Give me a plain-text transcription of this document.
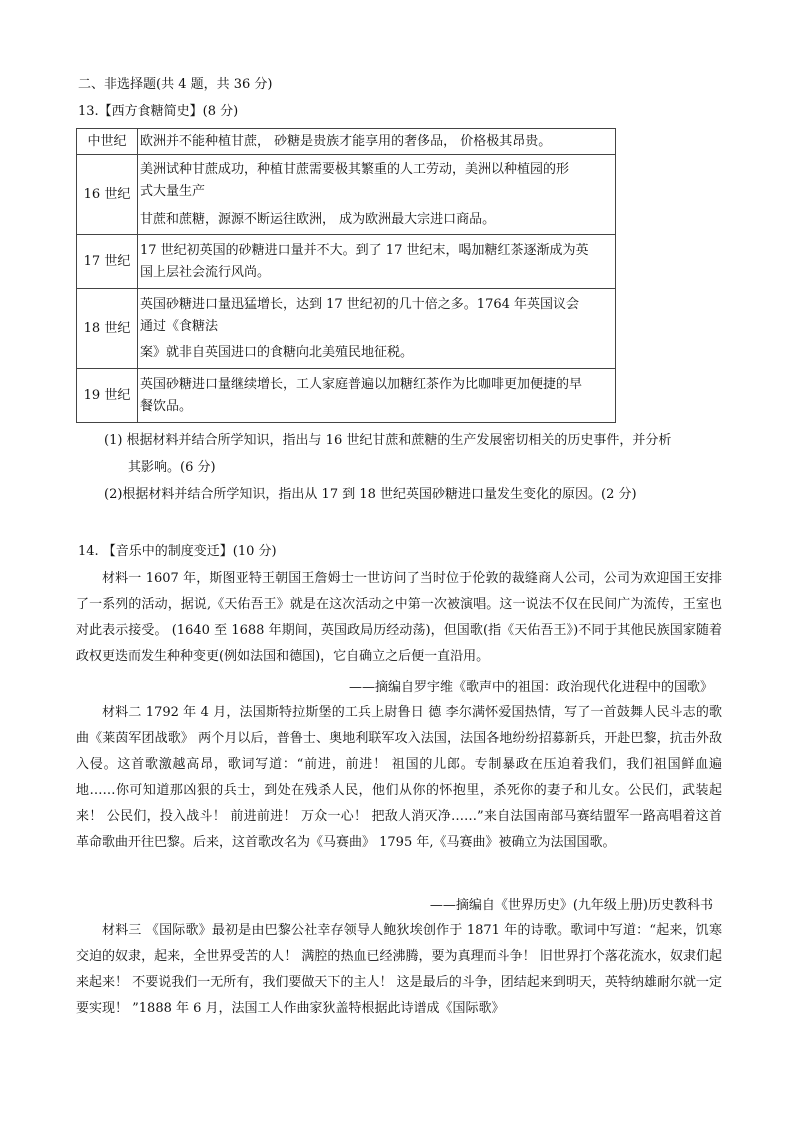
二、非选择题(共 4 题，共 36 分)
13.【西方食糖简史】(8 分)
中世纪	欧洲并不能种植甘蔗， 砂糖是贵族才能享用的奢侈品， 价格极其昂贵。

16 世纪	美洲试种甘蔗成功，种植甘蔗需要极其繁重的人工劳动，美洲以种植园的形
式大量生产
甘蔗和蔗糖，源源不断运往欧洲， 成为欧洲最大宗进口商品。

17 世纪	17 世纪初英国的砂糖进口量并不大。到了 17 世纪末，喝加糖红茶逐渐成为英
国上层社会流行风尚。

18 世纪	英国砂糖进口量迅猛增长，达到 17 世纪初的几十倍之多。1764 年英国议会
通过《食糖法
案》就非自英国进口的食糖向北美殖民地征税。

19 世纪	英国砂糖进口量继续增长，工人家庭普遍以加糖红茶作为比咖啡更加便捷的早
餐饮品。
(1) 根据材料并结合所学知识，指出与 16 世纪甘蔗和蔗糖的生产发展密切相关的历史事件，并分析
其影响。(6 分)
(2)根据材料并结合所学知识，指出从 17 到 18 世纪英国砂糖进口量发生变化的原因。(2 分)
14. 【音乐中的制度变迁】(10 分)
材料一 1607 年，斯图亚特王朝国王詹姆士一世访问了当时位于伦敦的裁缝商人公司，公司为欢迎国王安排了一系列的活动，据说,《天佑吾王》就是在这次活动之中第一次被演唱。这一说法不仅在民间广为流传，王室也对此表示接受。 (1640 至 1688 年期间，英国政局历经动荡)，但国歌(指《天佑吾王》)不同于其他民族国家随着政权更迭而发生种种变更(例如法国和德国)，它自确立之后便一直沿用。
——摘编自罗宇维《歌声中的祖国：政治现代化进程中的国歌》
材料二 1792 年 4 月，法国斯特拉斯堡的工兵上尉鲁日 德 李尔满怀爱国热情，写了一首鼓舞人民斗志的歌曲《莱茵军团战歌》 两个月以后，普鲁士、奥地利联军攻入法国，法国各地纷纷招募新兵，开赴巴黎，抗击外敌入侵。这首歌激越高昂，歌词写道：“前进，前进！ 祖国的儿郎。专制暴政在压迫着我们，我们祖国鲜血遍地……你可知道那凶狠的兵士，到处在残杀人民，他们从你的怀抱里，杀死你的妻子和儿女。公民们，武装起来！ 公民们，投入战斗！ 前进前进！ 万众一心！ 把敌人消灭净……”来自法国南部马赛结盟军一路高唱着这首革命歌曲开往巴黎。后来，这首歌改名为《马赛曲》 1795 年,《马赛曲》被确立为法国国歌。
——摘编自《世界历史》(九年级上册)历史教科书
材料三 《国际歌》最初是由巴黎公社幸存领导人鲍狄埃创作于 1871 年的诗歌。歌词中写道：“起来，饥寒交迫的奴隶，起来，全世界受苦的人！ 满腔的热血已经沸腾，要为真理而斗争！ 旧世界打个落花流水，奴隶们起来起来！ 不要说我们一无所有，我们要做天下的主人！ 这是最后的斗争，团结起来到明天，英特纳雄耐尔就一定要实现！ ”1888 年 6 月，法国工人作曲家狄盖特根据此诗谱成《国际歌》
